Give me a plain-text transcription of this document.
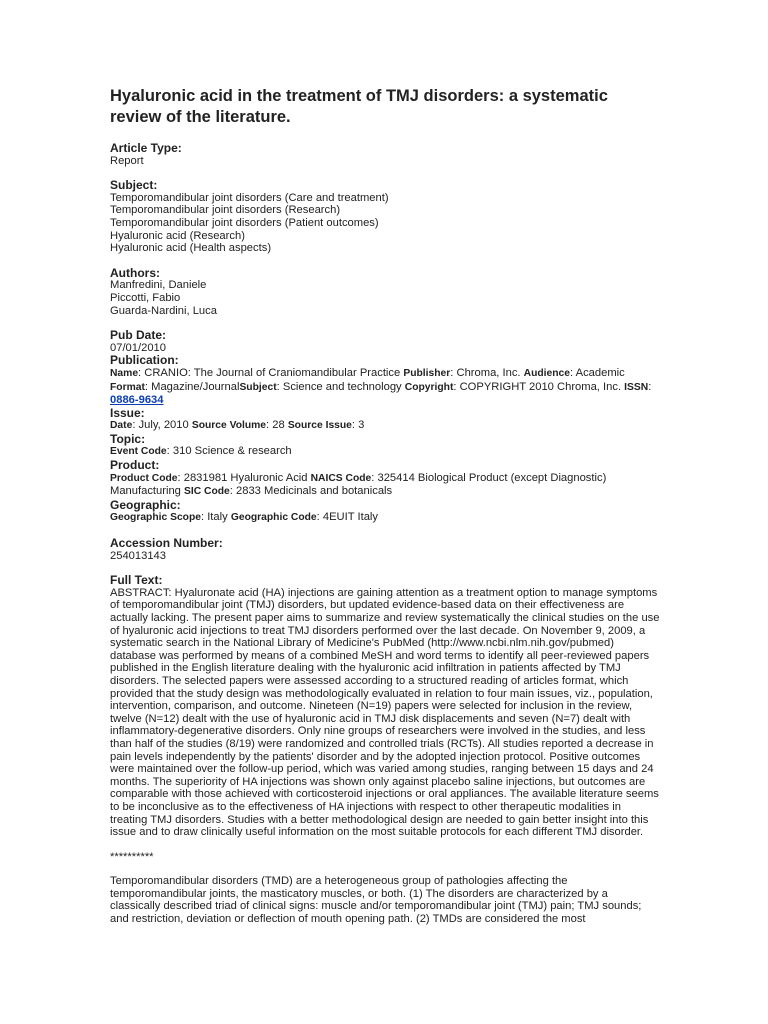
Hyaluronic acid in the treatment of TMJ disorders: a systematic review of the literature.
Article Type:
Report
Subject:
Temporomandibular joint disorders (Care and treatment)
Temporomandibular joint disorders (Research)
Temporomandibular joint disorders (Patient outcomes)
Hyaluronic acid (Research)
Hyaluronic acid (Health aspects)
Authors:
Manfredini, Daniele
Piccotti, Fabio
Guarda-Nardini, Luca
Pub Date:
07/01/2010
Publication:
Name: CRANIO: The Journal of Craniomandibular Practice Publisher: Chroma, Inc. Audience: Academic Format: Magazine/JournalSubject: Science and technology Copyright: COPYRIGHT 2010 Chroma, Inc. ISSN: 0886-9634
Issue:
Date: July, 2010 Source Volume: 28 Source Issue: 3
Topic:
Event Code: 310 Science & research
Product:
Product Code: 2831981 Hyaluronic Acid NAICS Code: 325414 Biological Product (except Diagnostic) Manufacturing SIC Code: 2833 Medicinals and botanicals
Geographic:
Geographic Scope: Italy Geographic Code: 4EUIT Italy
Accession Number:
254013143
Full Text:
ABSTRACT: Hyaluronate acid (HA) injections are gaining attention as a treatment option to manage symptoms of temporomandibular joint (TMJ) disorders, but updated evidence-based data on their effectiveness are actually lacking. The present paper aims to summarize and review systematically the clinical studies on the use of hyaluronic acid injections to treat TMJ disorders performed over the last decade. On November 9, 2009, a systematic search in the National Library of Medicine's PubMed (http://www.ncbi.nlm.nih.gov/pubmed) database was performed by means of a combined MeSH and word terms to identify all peer-reviewed papers published in the English literature dealing with the hyaluronic acid infiltration in patients affected by TMJ disorders. The selected papers were assessed according to a structured reading of articles format, which provided that the study design was methodologically evaluated in relation to four main issues, viz., population, intervention, comparison, and outcome. Nineteen (N=19) papers were selected for inclusion in the review, twelve (N=12) dealt with the use of hyaluronic acid in TMJ disk displacements and seven (N=7) dealt with inflammatory-degenerative disorders. Only nine groups of researchers were involved in the studies, and less than half of the studies (8/19) were randomized and controlled trials (RCTs). All studies reported a decrease in pain levels independently by the patients' disorder and by the adopted injection protocol. Positive outcomes were maintained over the follow-up period, which was varied among studies, ranging between 15 days and 24 months. The superiority of HA injections was shown only against placebo saline injections, but outcomes are comparable with those achieved with corticosteroid injections or oral appliances. The available literature seems to be inconclusive as to the effectiveness of HA injections with respect to other therapeutic modalities in treating TMJ disorders. Studies with a better methodological design are needed to gain better insight into this issue and to draw clinically useful information on the most suitable protocols for each different TMJ disorder.
**********
Temporomandibular disorders (TMD) are a heterogeneous group of pathologies affecting the temporomandibular joints, the masticatory muscles, or both. (1) The disorders are characterized by a classically described triad of clinical signs: muscle and/or temporomandibular joint (TMJ) pain; TMJ sounds; and restriction, deviation or deflection of mouth opening path. (2) TMDs are considered the most
